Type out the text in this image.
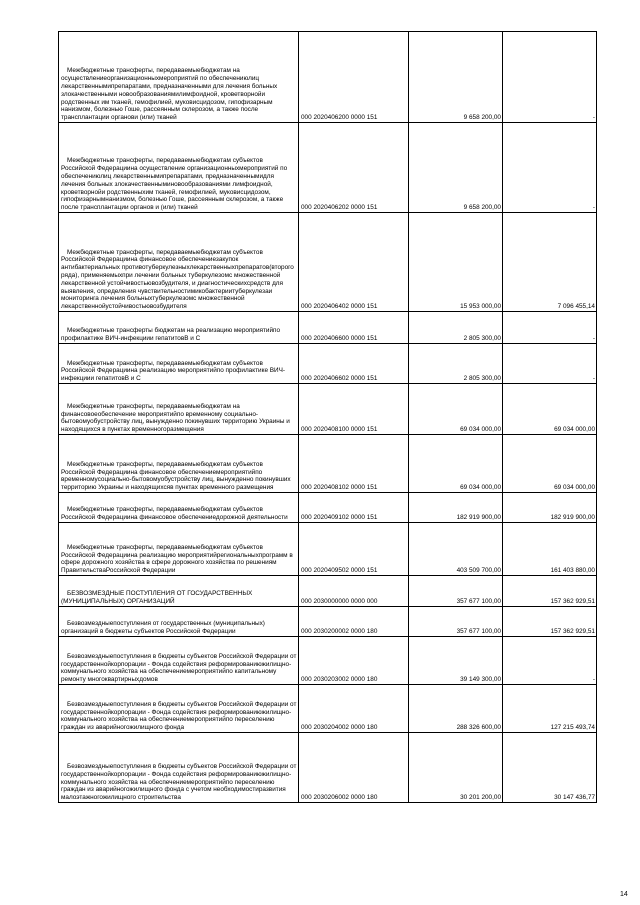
Межбюджетные трансферты, передаваемыебюджетам на осуществлениеорганизационныхмероприятий по обеспечениюлиц лекарственнымипрепаратами, предназначенными для лечения больных злокачественными новообразованиямилимфоидной, кроветворнойи родственных им тканей, гемофилией, муковисцидозом, гипофизарным нанизмом, болезнью Гоше, рассеянным склерозом, а также после трансплантации органови (или) тканей	000 2020406200 0000 151	9 658 200,00	-

Межбюджетные трансферты, передаваемыебюджетам субъектов Российской Федерациина осуществление организационныхмероприятий по обеспечениюлиц лекарственнымипрепаратами, предназначеннымидля лечения больных злокачественныминовообразованиями лимфоидной, кроветворнойи родственныхим тканей, гемофилией, муковисцидозом, гипофизарнымнанизмом, болезнью Гоше, рассеянным склерозом, а также после трансплантации органов и (или) тканей	000 2020406202 0000 151	9 658 200,00	-

Межбюджетные трансферты, передаваемыебюджетам субъектов Российской Федерациина финансовое обеспечениезакупок антибактериальных противотуберкулезныхлекарственныхпрепаратов(второго ряда), применяемыхпри лечении больных туберкулезомс множественной лекарственной устойчивостьювозбудителя, и диагностическихсредств для выявления, определения чувствительностимикобактериитуберкулезаи мониторинга лечения больныхтуберкулезомс множественной лекарственнойустойчивостьювозбудителя	000 2020406402 0000 151	15 953 000,00	7 096 455,14

Межбюджетные трансферты бюджетам на реализацию мероприятийпо профилактике ВИЧ-инфекциии гепатитовВ и С	000 2020406600 0000 151	2 805 300,00	-

Межбюджетные трансферты, передаваемыебюджетам субъектов Российской Федерациина реализацию мероприятийпо профилактике ВИЧ-инфекциии гепатитовВ и С	000 2020406602 0000 151	2 805 300,00	-

Межбюджетные трансферты, передаваемыебюджетам на финансовоеобеспечение мероприятийпо временному социально-бытовомуобустройству лиц, вынужденно покинувших территорию Украины и находящихся в пунктах временногоразмещения	000 2020408100 0000 151	69 034 000,00	69 034 000,00

Межбюджетные трансферты, передаваемыебюджетам субъектов Российской Федерациина финансовое обеспечениемероприятийпо временномусоциально-бытовомуобустройству лиц, вынужденно покинувших территорию Украины и находящихсяв пунктах временного размещения	000 2020408102 0000 151	69 034 000,00	69 034 000,00

Межбюджетные трансферты, передаваемыебюджетам субъектов Российской Федерациина финансовое обеспечениедорожной деятельности	000 2020409102 0000 151	182 919 900,00	182 919 900,00

Межбюджетные трансферты, передаваемыебюджетам субъектов Российской Федерациина реализацию мероприятийрегиональныхпрограмм в сфере дорожного хозяйства в сфере дорожного хозяйства по решениям ПравительстваРоссийской Федерации	000 2020409502 0000 151	403 509 700,00	161 403 880,00

БЕЗВОЗМЕЗДНЫЕ ПОСТУПЛЕНИЯ ОТ ГОСУДАРСТВЕННЫХ (МУНИЦИПАЛЬНЫХ) ОРГАНИЗАЦИЙ	000 2030000000 0000 000	357 677 100,00	157 362 929,51

Безвозмездныепоступления от государственных (муниципальных) организаций в бюджеты субъектов Российской Федерации	000 2030200002 0000 180	357 677 100,00	157 362 929,51

Безвозмездныепоступления в бюджеты субъектов Российской Федерации от государственнойкорпорации - Фонда содействия реформированиюжилищно-коммунального хозяйства на обеспечениемероприятийпо капитальному ремонту многоквартирныхдомов	000 2030203002 0000 180	39 149 300,00	-

Безвозмездныепоступления в бюджеты субъектов Российской Федерации от государственнойкорпорации - Фонда содействия реформированиюжилищно-коммунального хозяйства на обеспечениемероприятийпо переселению граждан из аварийногожилищного фонда	000 2030204002 0000 180	288 326 600,00	127 215 493,74

Безвозмездныепоступления в бюджеты субъектов Российской Федерации от государственнойкорпорации - Фонда содействия реформированиюжилищно-коммунального хозяйства на обеспечениемероприятийпо переселению граждан из аварийногожилищного фонда с учетом необходимостиразвития малоэтажногожилищного строительства	000 2030206002 0000 180	30 201 200,00	30 147 436,77
14
